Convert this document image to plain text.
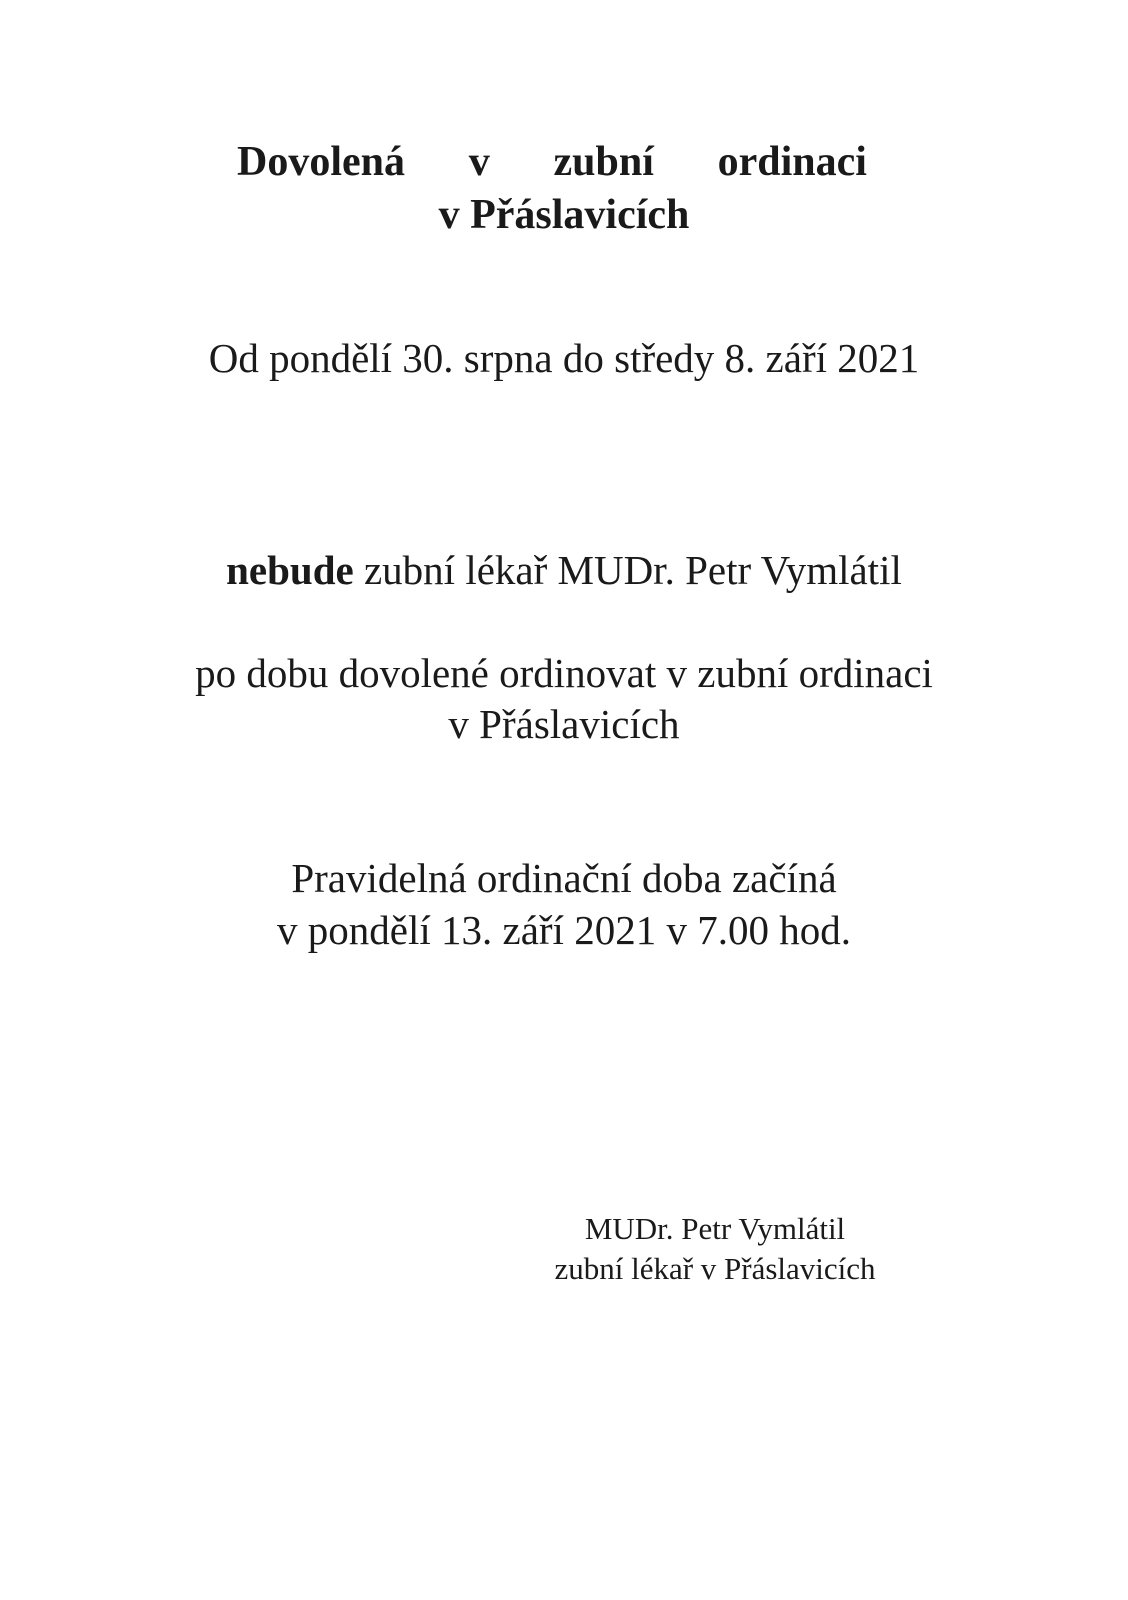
Dovolená v zubní ordinaci
v Přáslavicích
Od pondělí 30. srpna do středy 8. září 2021
nebude zubní lékař MUDr. Petr Vymlátil
po dobu dovolené ordinovat v zubní ordinaci
v Přáslavicích
Pravidelná ordinační doba začíná
v pondělí 13. září 2021 v 7.00 hod.
MUDr. Petr Vymlátil
zubní lékař v Přáslavicích
